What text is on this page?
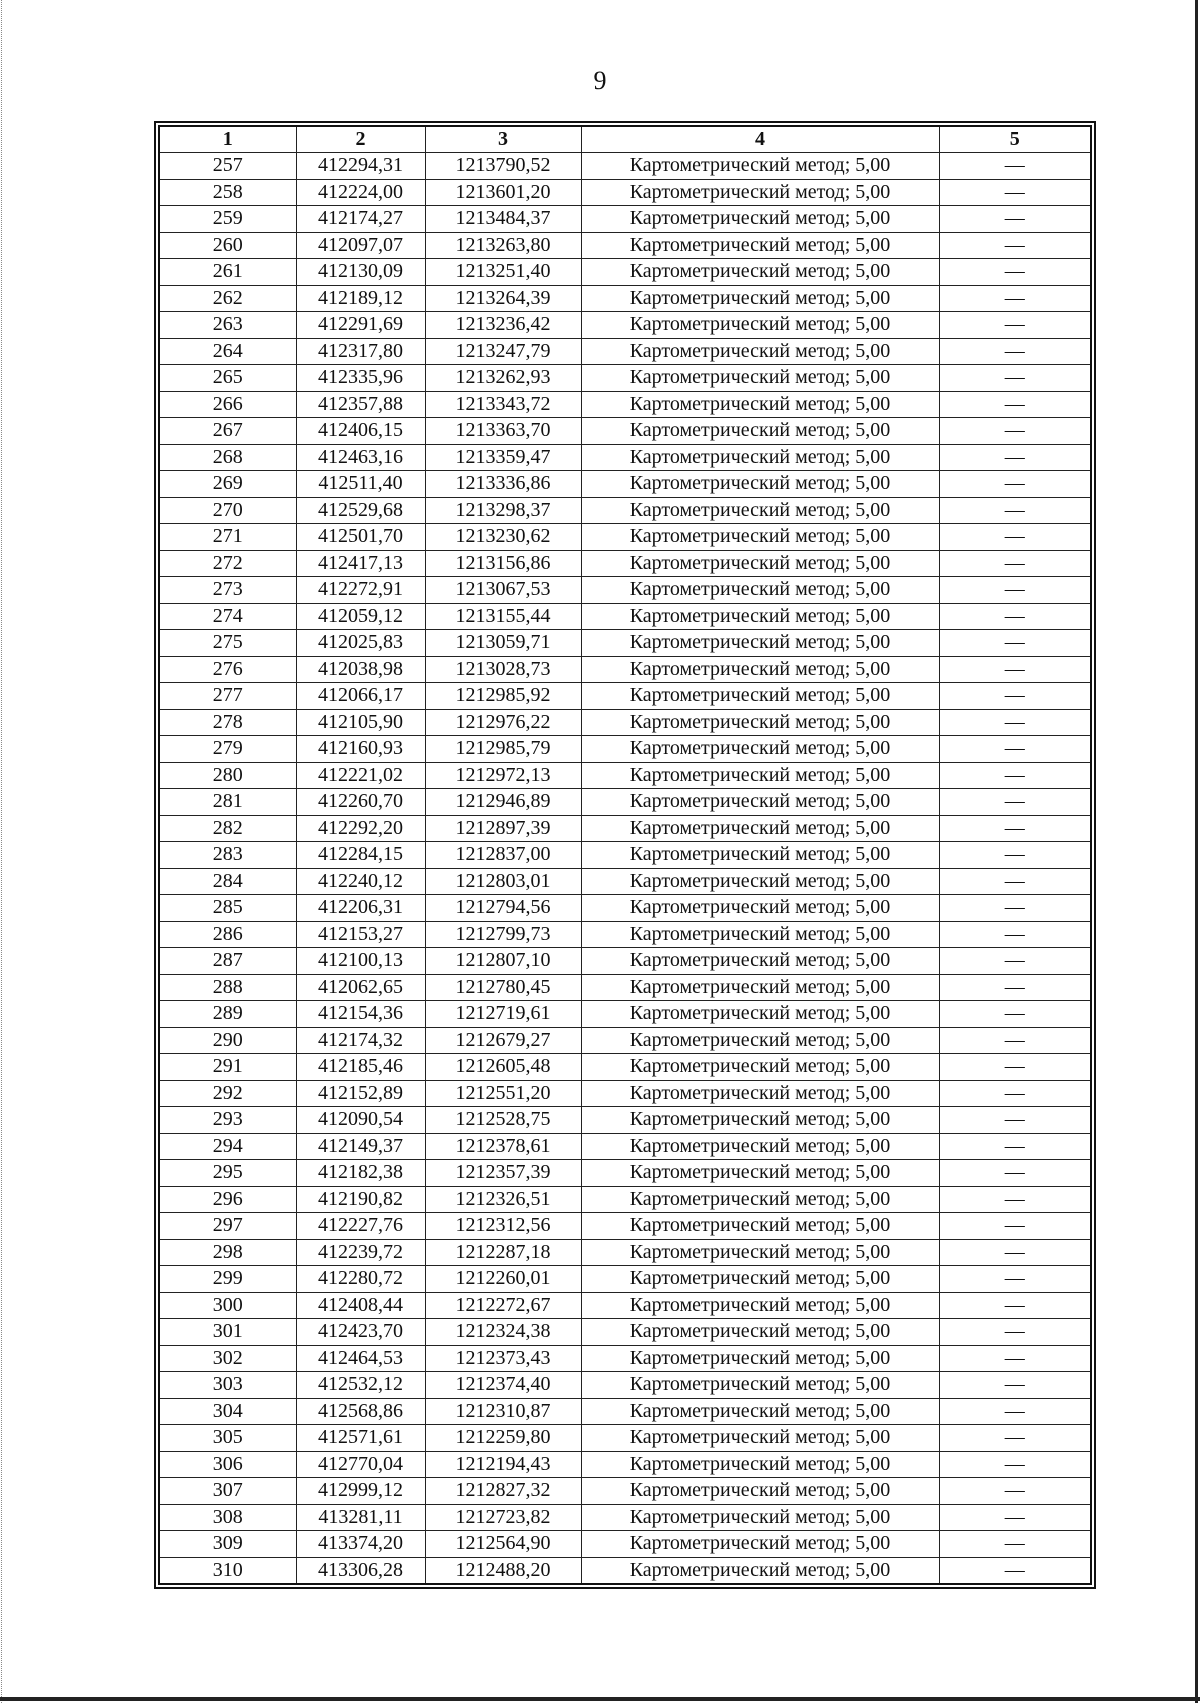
9
1	2	3	4	5
257	412294,31	1213790,52	Картометрический метод; 5,00	—
258	412224,00	1213601,20	Картометрический метод; 5,00	—
259	412174,27	1213484,37	Картометрический метод; 5,00	—
260	412097,07	1213263,80	Картометрический метод; 5,00	—
261	412130,09	1213251,40	Картометрический метод; 5,00	—
262	412189,12	1213264,39	Картометрический метод; 5,00	—
263	412291,69	1213236,42	Картометрический метод; 5,00	—
264	412317,80	1213247,79	Картометрический метод; 5,00	—
265	412335,96	1213262,93	Картометрический метод; 5,00	—
266	412357,88	1213343,72	Картометрический метод; 5,00	—
267	412406,15	1213363,70	Картометрический метод; 5,00	—
268	412463,16	1213359,47	Картометрический метод; 5,00	—
269	412511,40	1213336,86	Картометрический метод; 5,00	—
270	412529,68	1213298,37	Картометрический метод; 5,00	—
271	412501,70	1213230,62	Картометрический метод; 5,00	—
272	412417,13	1213156,86	Картометрический метод; 5,00	—
273	412272,91	1213067,53	Картометрический метод; 5,00	—
274	412059,12	1213155,44	Картометрический метод; 5,00	—
275	412025,83	1213059,71	Картометрический метод; 5,00	—
276	412038,98	1213028,73	Картометрический метод; 5,00	—
277	412066,17	1212985,92	Картометрический метод; 5,00	—
278	412105,90	1212976,22	Картометрический метод; 5,00	—
279	412160,93	1212985,79	Картометрический метод; 5,00	—
280	412221,02	1212972,13	Картометрический метод; 5,00	—
281	412260,70	1212946,89	Картометрический метод; 5,00	—
282	412292,20	1212897,39	Картометрический метод; 5,00	—
283	412284,15	1212837,00	Картометрический метод; 5,00	—
284	412240,12	1212803,01	Картометрический метод; 5,00	—
285	412206,31	1212794,56	Картометрический метод; 5,00	—
286	412153,27	1212799,73	Картометрический метод; 5,00	—
287	412100,13	1212807,10	Картометрический метод; 5,00	—
288	412062,65	1212780,45	Картометрический метод; 5,00	—
289	412154,36	1212719,61	Картометрический метод; 5,00	—
290	412174,32	1212679,27	Картометрический метод; 5,00	—
291	412185,46	1212605,48	Картометрический метод; 5,00	—
292	412152,89	1212551,20	Картометрический метод; 5,00	—
293	412090,54	1212528,75	Картометрический метод; 5,00	—
294	412149,37	1212378,61	Картометрический метод; 5,00	—
295	412182,38	1212357,39	Картометрический метод; 5,00	—
296	412190,82	1212326,51	Картометрический метод; 5,00	—
297	412227,76	1212312,56	Картометрический метод; 5,00	—
298	412239,72	1212287,18	Картометрический метод; 5,00	—
299	412280,72	1212260,01	Картометрический метод; 5,00	—
300	412408,44	1212272,67	Картометрический метод; 5,00	—
301	412423,70	1212324,38	Картометрический метод; 5,00	—
302	412464,53	1212373,43	Картометрический метод; 5,00	—
303	412532,12	1212374,40	Картометрический метод; 5,00	—
304	412568,86	1212310,87	Картометрический метод; 5,00	—
305	412571,61	1212259,80	Картометрический метод; 5,00	—
306	412770,04	1212194,43	Картометрический метод; 5,00	—
307	412999,12	1212827,32	Картометрический метод; 5,00	—
308	413281,11	1212723,82	Картометрический метод; 5,00	—
309	413374,20	1212564,90	Картометрический метод; 5,00	—
310	413306,28	1212488,20	Картометрический метод; 5,00	—
